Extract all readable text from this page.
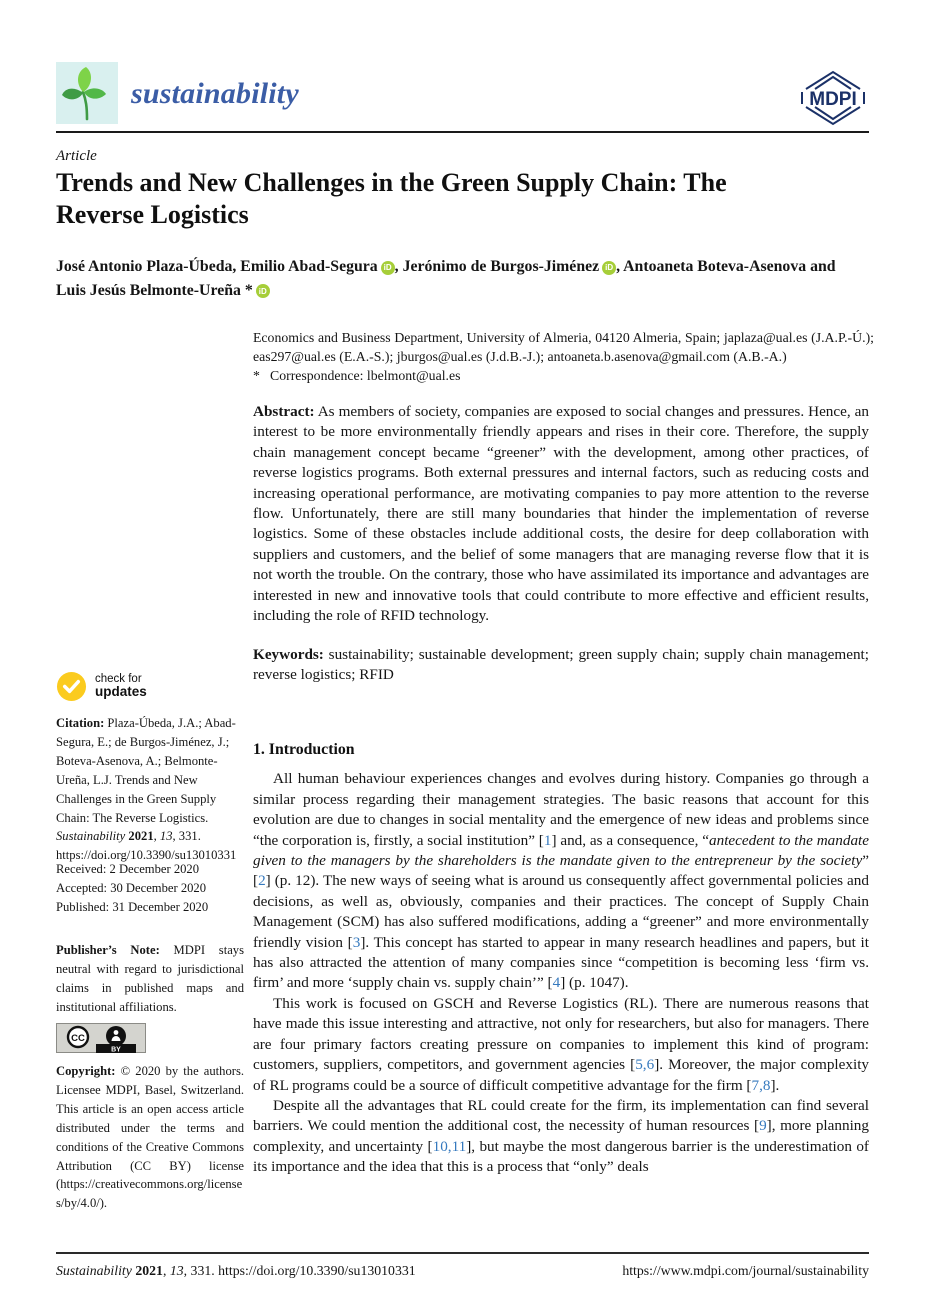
sustainability	MDPI
Article
Trends and New Challenges in the Green Supply Chain: The Reverse Logistics
José Antonio Plaza-Úbeda, Emilio Abad-Segura iD , Jerónimo de Burgos-Jiménez iD , Antoaneta Boteva-Asenova and
Luis Jesús Belmonte-Ureña * iD
Economics and Business Department, University of Almeria, 04120 Almeria, Spain; japlaza@ual.es (J.A.P.-Ú.); eas297@ual.es (E.A.-S.); jburgos@ual.es (J.d.B.-J.); antoaneta.b.asenova@gmail.com (A.B.-A.)
* Correspondence: lbelmont@ual.es
Abstract: As members of society, companies are exposed to social changes and pressures. Hence, an interest to be more environmentally friendly appears and rises in their core. Therefore, the supply chain management concept became “greener” with the development, among other practices, of reverse logistics programs. Both external pressures and internal factors, such as reducing costs and increasing operational performance, are motivating companies to pay more attention to the reverse flow. Unfortunately, there are still many boundaries that hinder the implementation of reverse logistics. Some of these obstacles include additional costs, the desire for deep collaboration with suppliers and customers, and the belief of some managers that are managing reverse flow that it is not worth the trouble. On the contrary, those who have assimilated its importance and advantages are interested in new and innovative tools that could contribute to more effective and efficient results, including the role of RFID technology.
Keywords: sustainability; sustainable development; green supply chain; supply chain management; reverse logistics; RFID
check for
updates
Citation: Plaza-Úbeda, J.A.; Abad-Segura, E.; de Burgos-Jiménez, J.; Boteva-Asenova, A.; Belmonte-Ureña, L.J. Trends and New Challenges in the Green Supply Chain: The Reverse Logistics. Sustainability 2021, 13, 331. https://doi.org/10.3390/su13010331
Received: 2 December 2020
Accepted: 30 December 2020
Published: 31 December 2020
Publisher’s Note: MDPI stays neutral with regard to jurisdictional claims in published maps and institutional affiliations.
CC
BY
Copyright: © 2020 by the authors. Licensee MDPI, Basel, Switzerland. This article is an open access article distributed under the terms and conditions of the Creative Commons Attribution (CC BY) license (https://creativecommons.org/licenses/by/4.0/).
1. Introduction

All human behaviour experiences changes and evolves during history. Companies go through a similar process regarding their management strategies. The basic reasons that account for this evolution are due to changes in social mentality and the emergence of new ideas and problems since “the corporation is, firstly, a social institution” [1] and, as a consequence, “antecedent to the mandate given to the managers by the shareholders is the mandate given to the entrepreneur by the society” [2] (p. 12). The new ways of seeing what is around us consequently affect governmental policies and decisions, as well as, obviously, companies and their practices. The concept of Supply Chain Management (SCM) has also suffered modifications, adding a “greener” and more environmentally friendly vision [3]. This concept has started to appear in many research headlines and papers, but it has also attracted the attention of many companies since “competition is becoming less ‘firm vs. firm’ and more ‘supply chain vs. supply chain’” [4] (p. 1047).

This work is focused on GSCH and Reverse Logistics (RL). There are numerous reasons that have made this issue interesting and attractive, not only for researchers, but also for managers. There are four primary factors creating pressure on companies to implement this kind of program: customers, suppliers, competitors, and government agencies [5,6]. Moreover, the major complexity of RL programs could be a source of difficult competitive advantage for the firm [7,8].

Despite all the advantages that RL could create for the firm, its implementation can find several barriers. We could mention the additional cost, the necessity of human resources [9], more planning complexity, and uncertainty [10,11], but maybe the most dangerous barrier is the underestimation of its importance and the idea that this is a process that “only” deals

Sustainability 2021, 13, 331. https://doi.org/10.3390/su13010331	https://www.mdpi.com/journal/sustainability
